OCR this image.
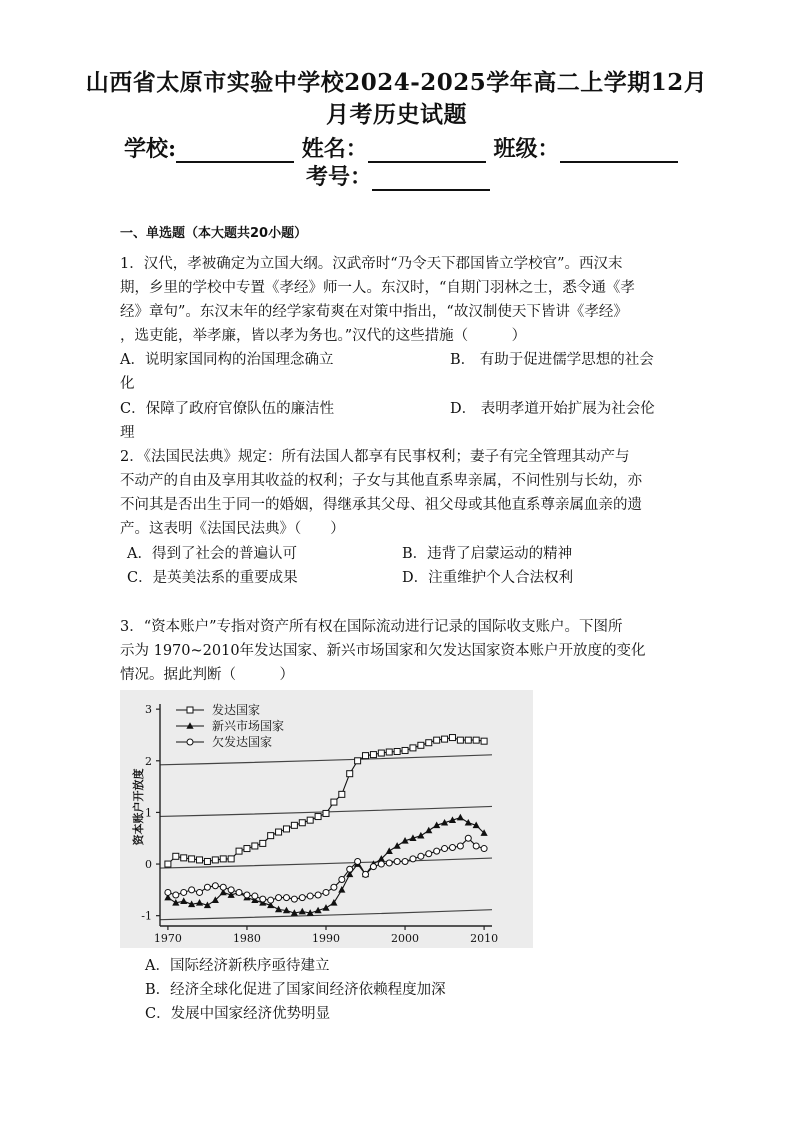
山西省太原市实验中学校2024-2025学年高二上学期12月
月考历史试题
学校:	姓名：	班级：
考号：
一、单选题（本大题共20小题）
1．汉代，孝被确定为立国大纲。汉武帝时“乃令天下郡国皆立学校官”。西汉末
期，乡里的学校中专置《孝经》师一人。东汉时，“自期门羽林之士，悉令通《孝
经》章句”。东汉末年的经学家荀爽在对策中指出，“故汉制使天下皆讲《孝经》
，选吏能，举孝廉，皆以孝为务也。”汉代的这些措施（　　　）
A．说明家国同构的治国理念确立	B． 有助于促进儒学思想的社会
化
C．保障了政府官僚队伍的廉洁性	D． 表明孝道开始扩展为社会伦
理
2．《法国民法典》规定：所有法国人都享有民事权利；妻子有完全管理其动产与
不动产的自由及享用其收益的权利；子女与其他直系卑亲属，不问性别与长幼，亦
不问其是否出生于同一的婚姻，得继承其父母、祖父母或其他直系尊亲属血亲的遗
产。这表明《法国民法典》（　　）
A．得到了社会的普遍认可	B．违背了启蒙运动的精神
C．是英美法系的重要成果	D．注重维护个人合法权利
3．“资本账户”专指对资产所有权在国际流动进行记录的国际收支账户。下图所
示为 1970~2010年发达国家、新兴市场国家和欠发达国家资本账户开放度的变化
情况。据此判断（　　　）
-1
0
1
2
3
1970	1980	1990	2000	2010
发达国家
新兴市场国家
欠发达国家
资本账户开放度
A．国际经济新秩序亟待建立
B．经济全球化促进了国家间经济依赖程度加深
C．发展中国家经济优势明显
